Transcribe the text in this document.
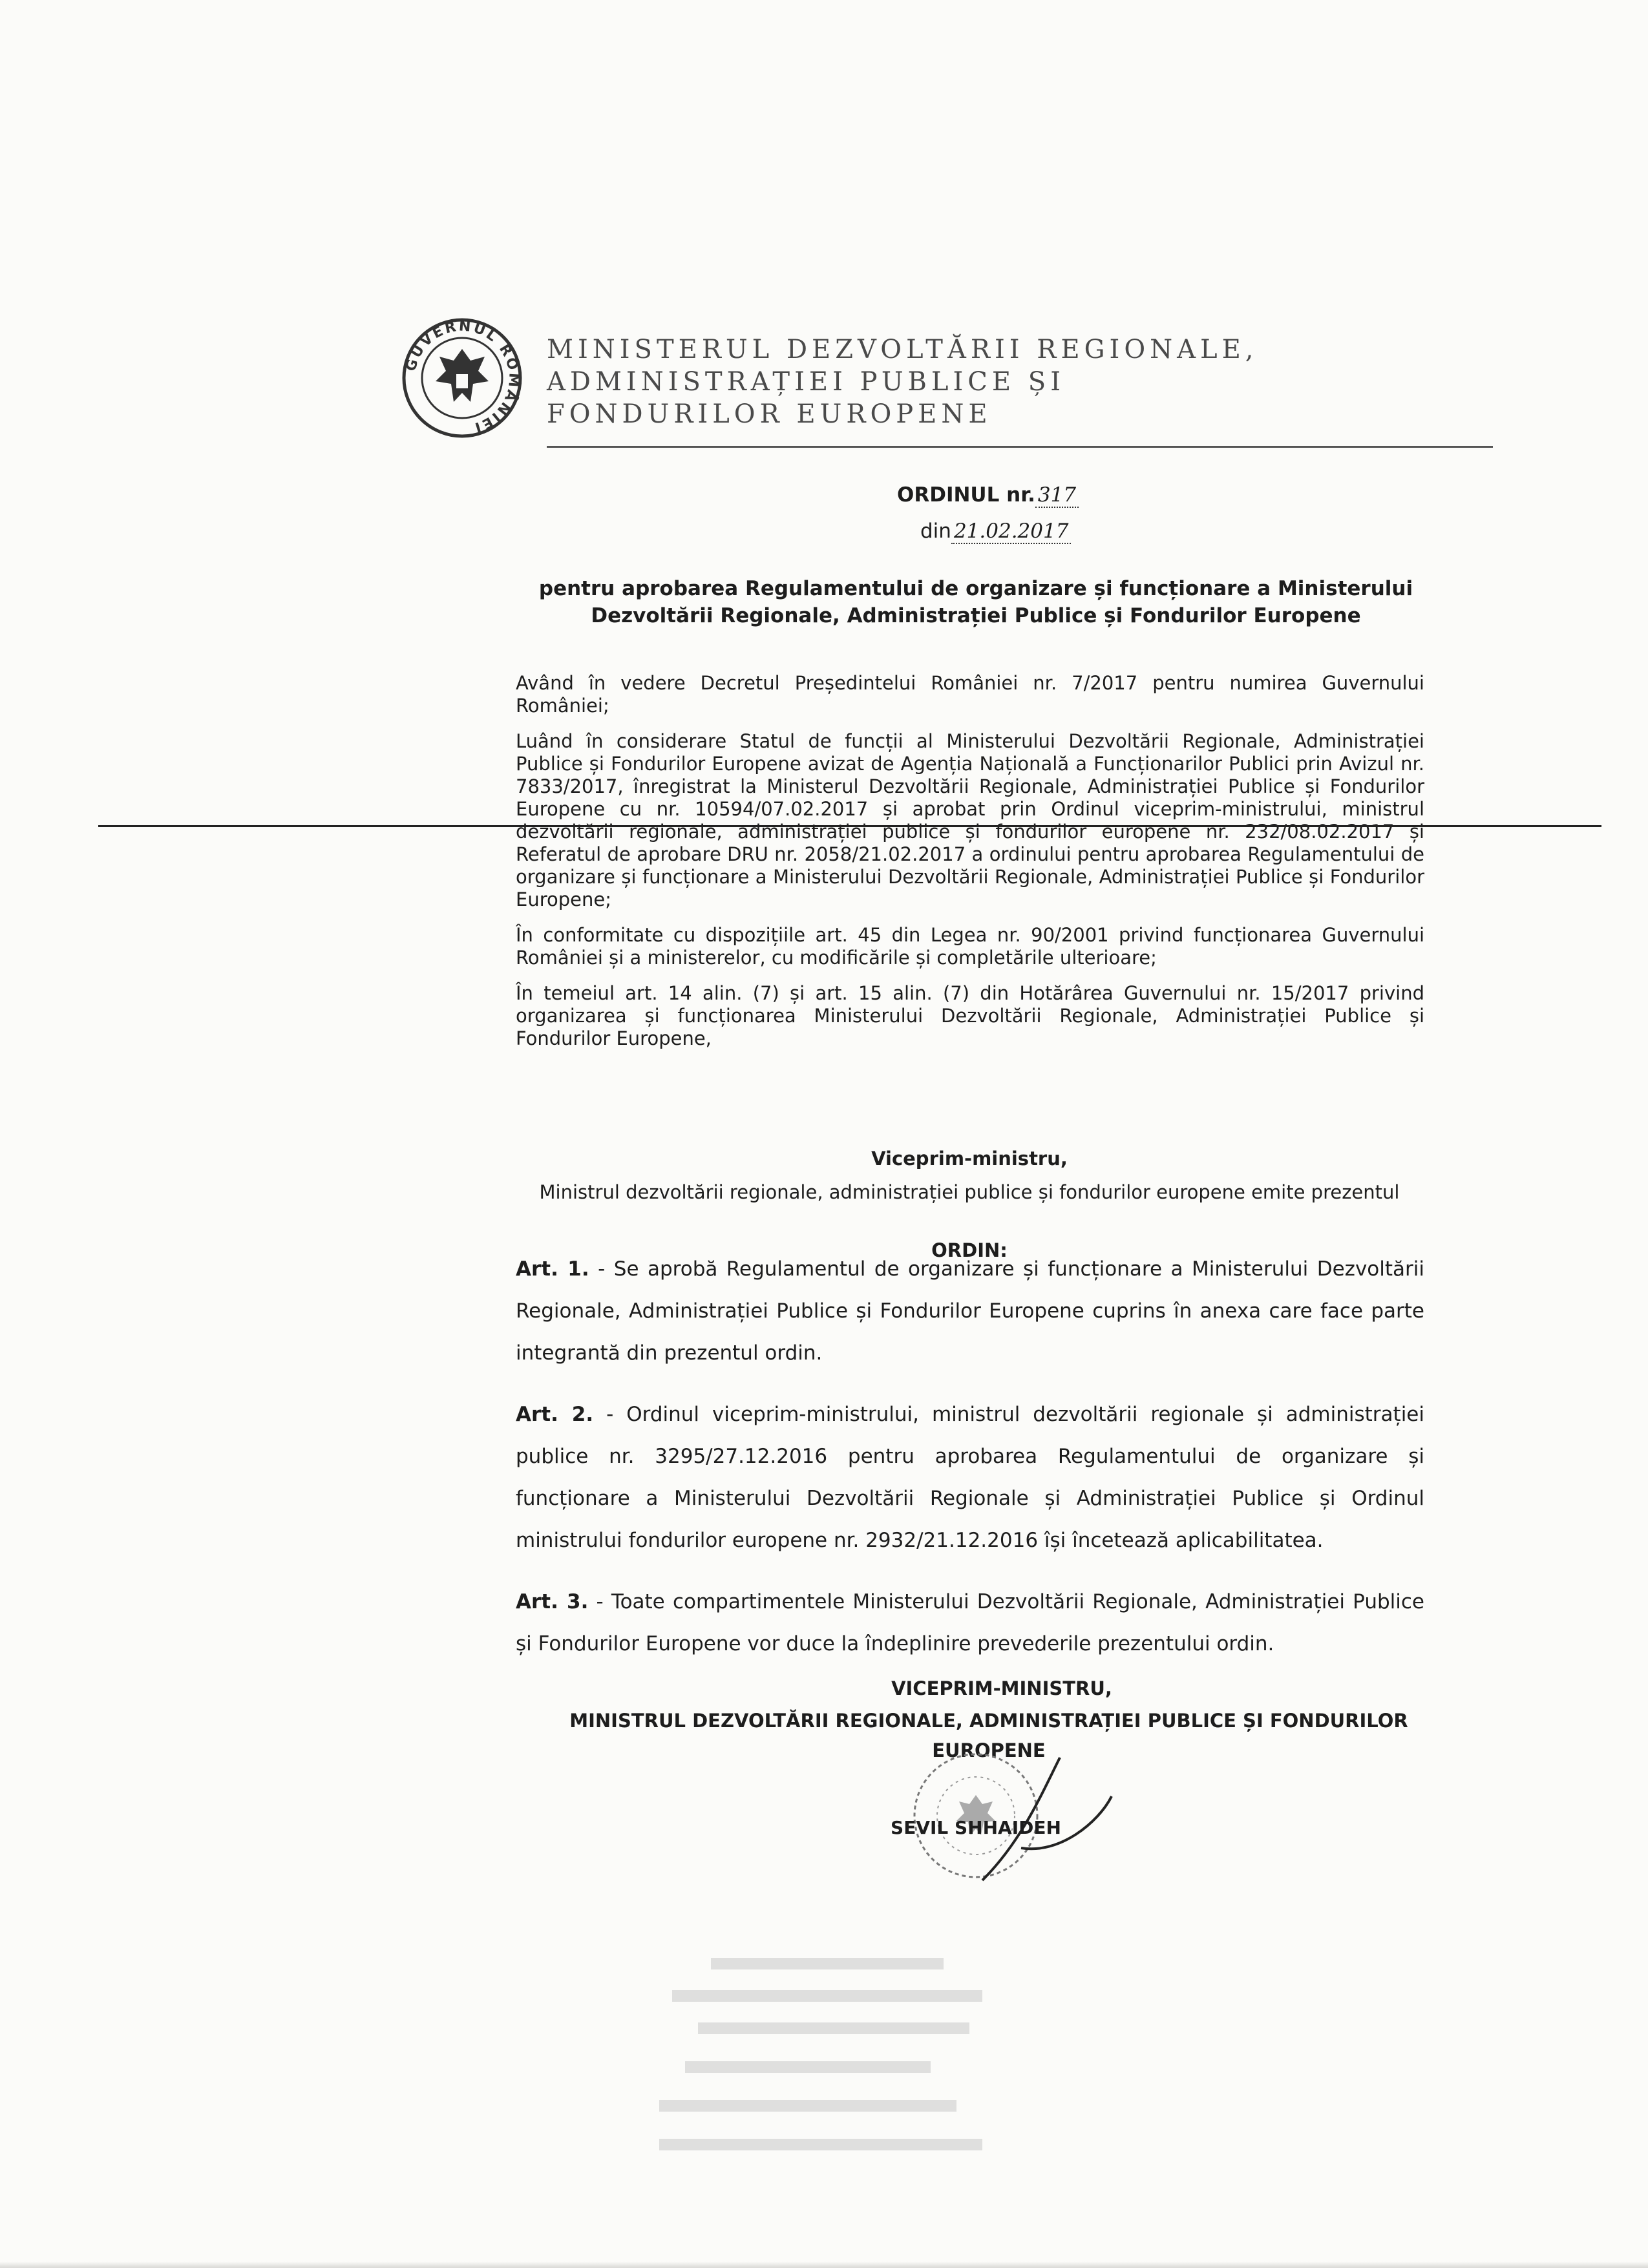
GUVERNUL ROMÂNIEI
MINISTERUL DEZVOLTĂRII REGIONALE,
ADMINISTRAȚIEI PUBLICE ȘI
FONDURILOR EUROPENE
ORDINUL nr. 317
din 21.02.2017
pentru aprobarea Regulamentului de organizare și funcționare a Ministerului Dezvoltării Regionale, Administrației Publice și Fondurilor Europene

Având în vedere Decretul Președintelui României nr. 7/2017 pentru numirea Guvernului României;

Luând în considerare Statul de funcții al Ministerului Dezvoltării Regionale, Administrației Publice și Fondurilor Europene avizat de Agenția Națională a Funcționarilor Publici prin Avizul nr. 7833/2017, înregistrat la Ministerul Dezvoltării Regionale, Administrației Publice și Fondurilor Europene cu nr. 10594/07.02.2017 și aprobat prin Ordinul viceprim-ministrului, ministrul dezvoltării regionale, administrației publice și fondurilor europene nr. 232/08.02.2017 și Referatul de aprobare DRU nr. 2058/21.02.2017 a ordinului pentru aprobarea Regulamentului de organizare și funcționare a Ministerului Dezvoltării Regionale, Administrației Publice și Fondurilor Europene;

În conformitate cu dispozițiile art. 45 din Legea nr. 90/2001 privind funcționarea Guvernului României și a ministerelor, cu modificările și completările ulterioare;

În temeiul art. 14 alin. (7) și art. 15 alin. (7) din Hotărârea Guvernului nr. 15/2017 privind organizarea și funcționarea Ministerului Dezvoltării Regionale, Administrației Publice și Fondurilor Europene,

Viceprim-ministru,
Ministrul dezvoltării regionale, administrației publice și fondurilor europene emite prezentul
ORDIN:

Art. 1. - Se aprobă Regulamentul de organizare și funcționare a Ministerului Dezvoltării Regionale, Administrației Publice și Fondurilor Europene cuprins în anexa care face parte integrantă din prezentul ordin.

Art. 2. - Ordinul viceprim-ministrului, ministrul dezvoltării regionale și administrației publice nr. 3295/27.12.2016 pentru aprobarea Regulamentului de organizare și funcționare a Ministerului Dezvoltării Regionale și Administrației Publice și Ordinul ministrului fondurilor europene nr. 2932/21.12.2016 își încetează aplicabilitatea.

Art. 3. - Toate compartimentele Ministerului Dezvoltării Regionale, Administrației Publice și Fondurilor Europene vor duce la îndeplinire prevederile prezentului ordin.

VICEPRIM-MINISTRU,
MINISTRUL DEZVOLTĂRII REGIONALE, ADMINISTRAȚIEI PUBLICE ȘI FONDURILOR EUROPENE
SEVIL SHHAIDEH
